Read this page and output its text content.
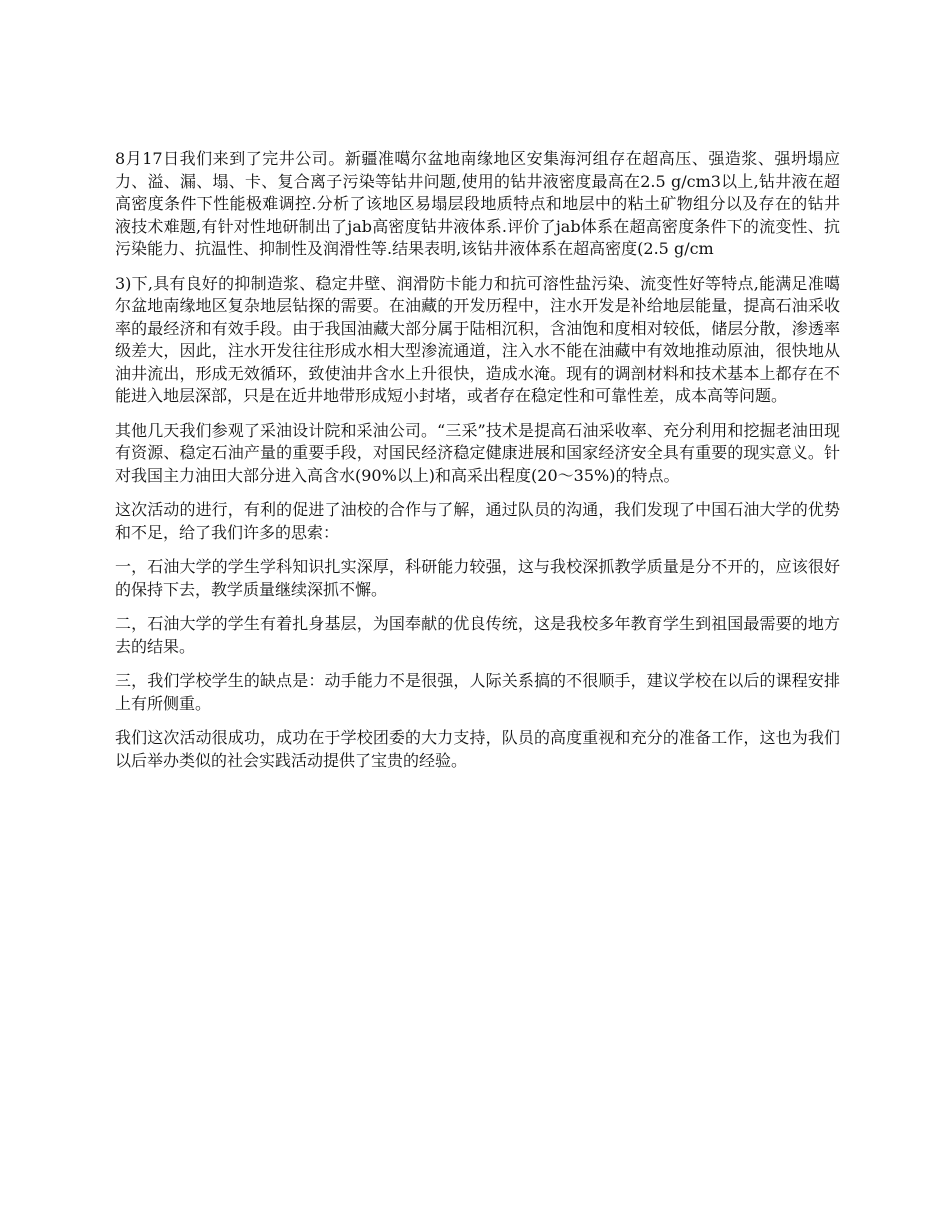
8月17日我们来到了完井公司。新疆准噶尔盆地南缘地区安集海河组存在超高压、强造浆、强坍塌应力、溢、漏、塌、卡、复合离子污染等钻井问题,使用的钻井液密度最高在2.5 g/cm3以上,钻井液在超高密度条件下性能极难调控.分析了该地区易塌层段地质特点和地层中的粘土矿物组分以及存在的钻井液技术难题,有针对性地研制出了jab高密度钻井液体系.评价了jab体系在超高密度条件下的流变性、抗污染能力、抗温性、抑制性及润滑性等.结果表明,该钻井液体系在超高密度(2.5 g/cm

3)下,具有良好的抑制造浆、稳定井壁、润滑防卡能力和抗可溶性盐污染、流变性好等特点,能满足准噶尔盆地南缘地区复杂地层钻探的需要。在油藏的开发历程中，注水开发是补给地层能量，提高石油采收率的最经济和有效手段。由于我国油藏大部分属于陆相沉积，含油饱和度相对较低，储层分散，渗透率级差大，因此，注水开发往往形成水相大型渗流通道，注入水不能在油藏中有效地推动原油，很快地从油井流出，形成无效循环，致使油井含水上升很快，造成水淹。现有的调剖材料和技术基本上都存在不能进入地层深部，只是在近井地带形成短小封堵，或者存在稳定性和可靠性差，成本高等问题。

其他几天我们参观了采油设计院和采油公司。“三采”技术是提高石油采收率、充分利用和挖掘老油田现有资源、稳定石油产量的重要手段，对国民经济稳定健康进展和国家经济安全具有重要的现实意义。针对我国主力油田大部分进入高含水(90%以上)和高采出程度(20～35%)的特点。

这次活动的进行，有利的促进了油校的合作与了解，通过队员的沟通，我们发现了中国石油大学的优势和不足，给了我们许多的思索：

一，石油大学的学生学科知识扎实深厚，科研能力较强，这与我校深抓教学质量是分不开的，应该很好的保持下去，教学质量继续深抓不懈。

二，石油大学的学生有着扎身基层，为国奉献的优良传统，这是我校多年教育学生到祖国最需要的地方去的结果。

三，我们学校学生的缺点是：动手能力不是很强，人际关系搞的不很顺手，建议学校在以后的课程安排上有所侧重。

我们这次活动很成功，成功在于学校团委的大力支持，队员的高度重视和充分的准备工作，这也为我们以后举办类似的社会实践活动提供了宝贵的经验。
